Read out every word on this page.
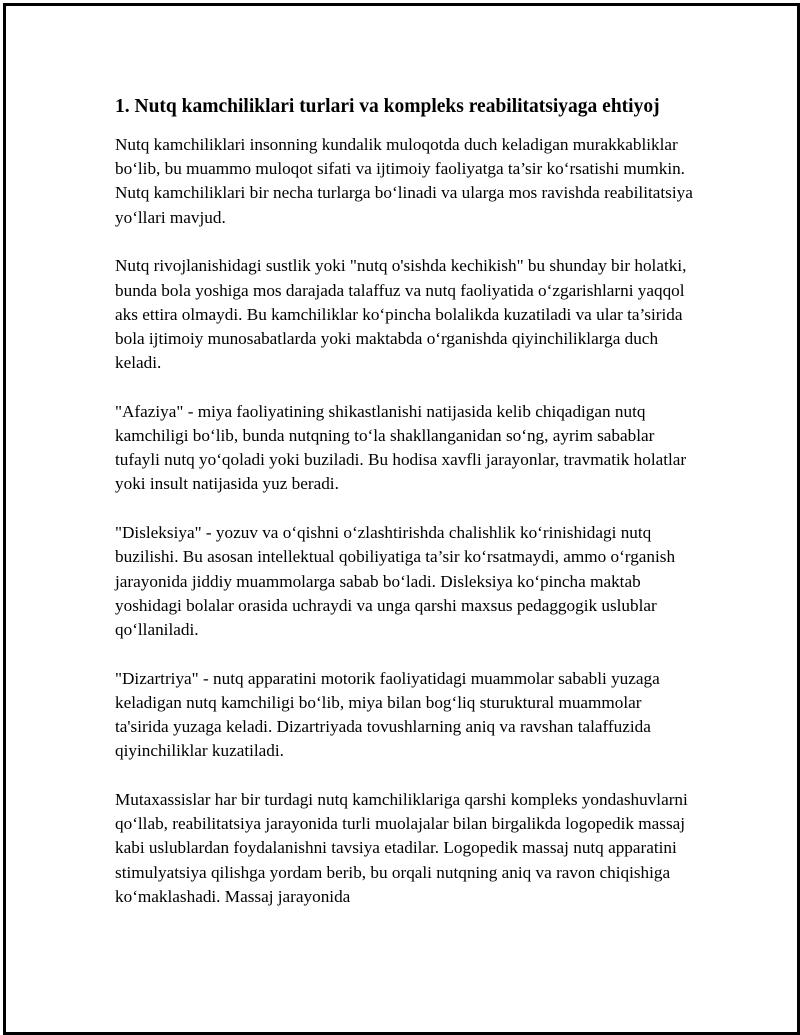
1. Nutq kamchiliklari turlari va kompleks reabilitatsiyaga ehtiyoj

Nutq kamchiliklari insonning kundalik muloqotda duch keladigan murakkabliklar bo‘lib, bu muammo muloqot sifati va ijtimoiy faoliyatga ta’sir ko‘rsatishi mumkin. Nutq kamchiliklari bir necha turlarga bo‘linadi va ularga mos ravishda reabilitatsiya yo‘llari mavjud.

Nutq rivojlanishidagi sustlik yoki "nutq o'sishda kechikish" bu shunday bir holatki, bunda bola yoshiga mos darajada talaffuz va nutq faoliyatida o‘zgarishlarni yaqqol aks ettira olmaydi. Bu kamchiliklar ko‘pincha bolalikda kuzatiladi va ular ta’sirida bola ijtimoiy munosabatlarda yoki maktabda o‘rganishda qiyinchiliklarga duch keladi.

"Afaziya" - miya faoliyatining shikastlanishi natijasida kelib chiqadigan nutq kamchiligi bo‘lib, bunda nutqning to‘la shakllanganidan so‘ng, ayrim sabablar tufayli nutq yo‘qoladi yoki buziladi. Bu hodisa xavfli jarayonlar, travmatik holatlar yoki insult natijasida yuz beradi.

"Disleksiya" - yozuv va o‘qishni o‘zlashtirishda chalishlik ko‘rinishidagi nutq buzilishi. Bu asosan intellektual qobiliyatiga ta’sir ko‘rsatmaydi, ammo o‘rganish jarayonida jiddiy muammolarga sabab bo‘ladi. Disleksiya ko‘pincha maktab yoshidagi bolalar orasida uchraydi va unga qarshi maxsus pedaggogik uslublar qo‘llaniladi.

"Dizartriya" - nutq apparatini motorik faoliyatidagi muammolar sababli yuzaga keladigan nutq kamchiligi bo‘lib, miya bilan bog‘liq sturuktural muammolar ta'sirida yuzaga keladi. Dizartriyada tovushlarning aniq va ravshan talaffuzida qiyinchiliklar kuzatiladi.

Mutaxassislar har bir turdagi nutq kamchiliklariga qarshi kompleks yondashuvlarni qo‘llab, reabilitatsiya jarayonida turli muolajalar bilan birgalikda logopedik massaj kabi uslublardan foydalanishni tavsiya etadilar. Logopedik massaj nutq apparatini stimulyatsiya qilishga yordam berib, bu orqali nutqning aniq va ravon chiqishiga ko‘maklashadi. Massaj jarayonida
